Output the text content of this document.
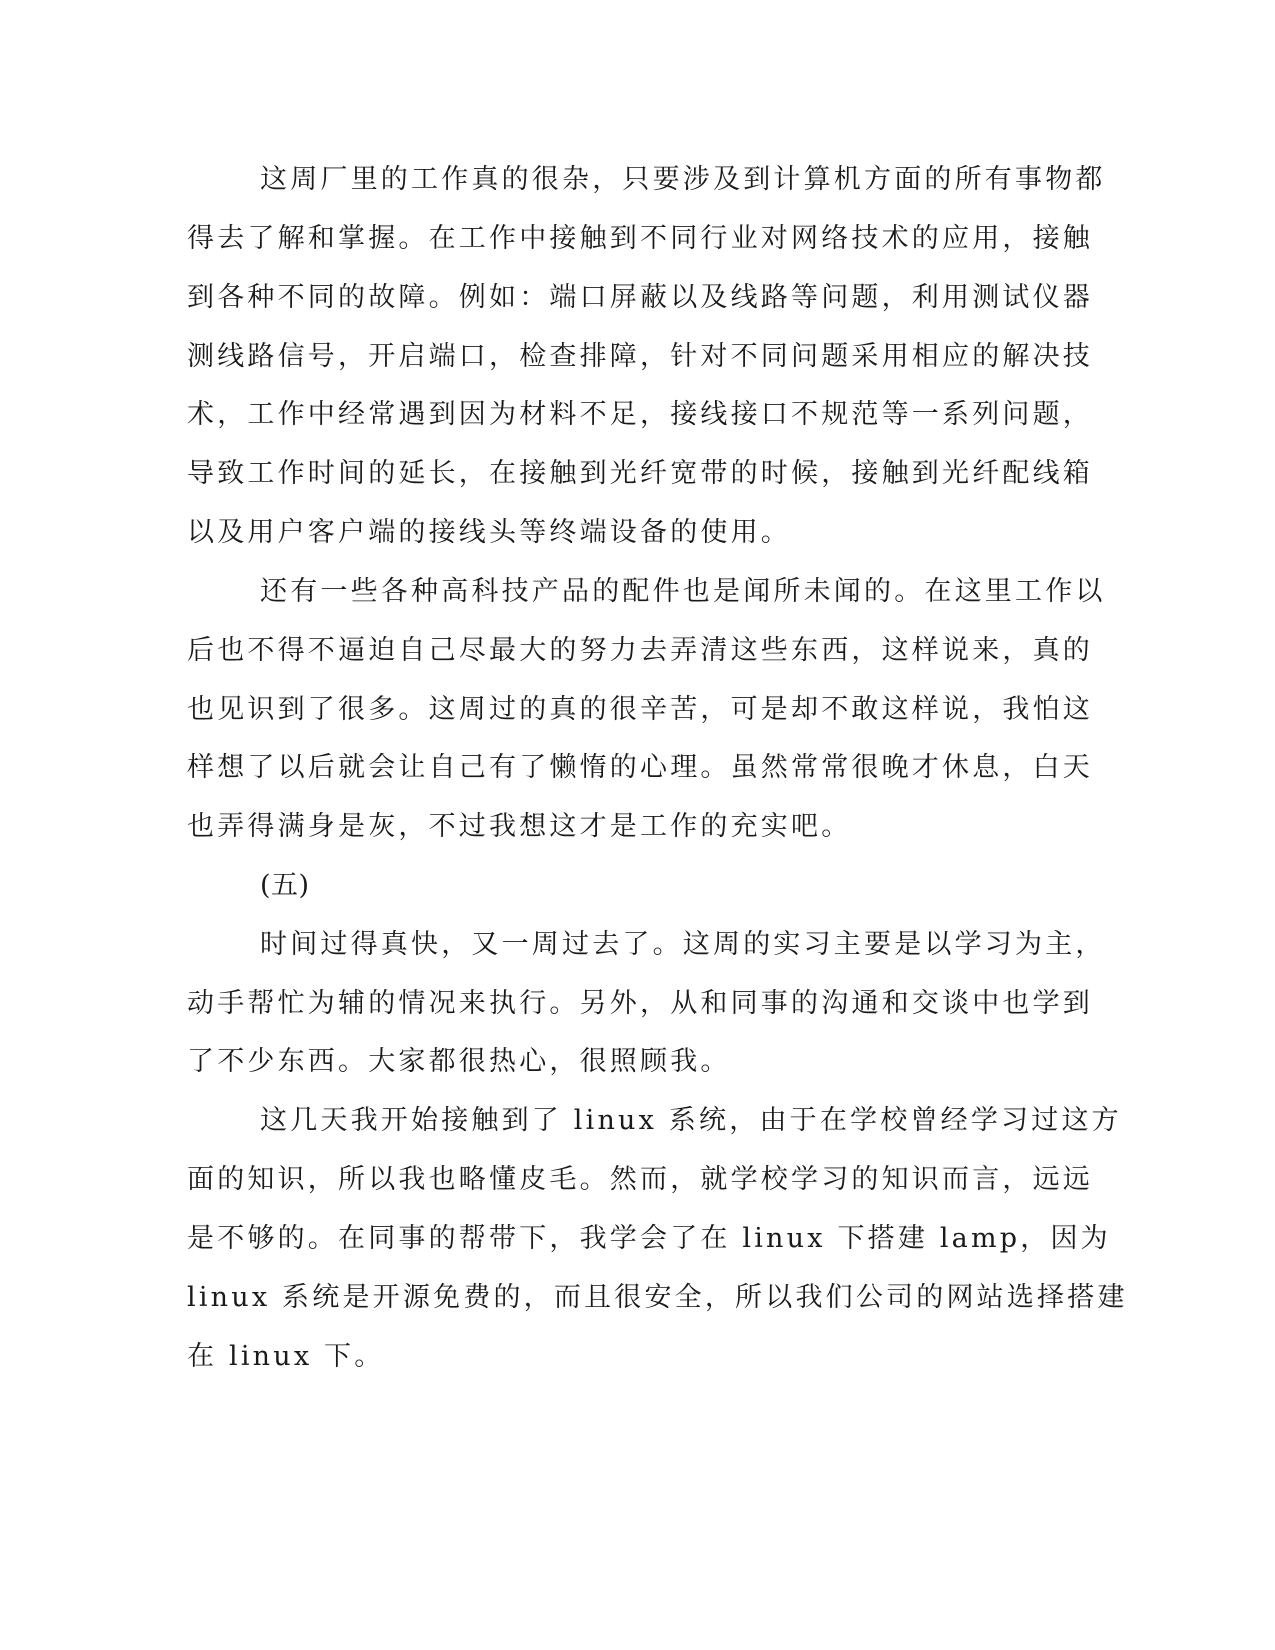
这周厂里的工作真的很杂，只要涉及到计算机方面的所有事物都
得去了解和掌握。在工作中接触到不同行业对网络技术的应用，接触
到各种不同的故障。例如：端口屏蔽以及线路等问题，利用测试仪器
测线路信号，开启端口，检查排障，针对不同问题采用相应的解决技
术，工作中经常遇到因为材料不足，接线接口不规范等一系列问题，
导致工作时间的延长，在接触到光纤宽带的时候，接触到光纤配线箱
以及用户客户端的接线头等终端设备的使用。
还有一些各种高科技产品的配件也是闻所未闻的。在这里工作以
后也不得不逼迫自己尽最大的努力去弄清这些东西，这样说来，真的
也见识到了很多。这周过的真的很辛苦，可是却不敢这样说，我怕这
样想了以后就会让自己有了懒惰的心理。虽然常常很晚才休息，白天
也弄得满身是灰，不过我想这才是工作的充实吧。
(五)
时间过得真快，又一周过去了。这周的实习主要是以学习为主，
动手帮忙为辅的情况来执行。另外，从和同事的沟通和交谈中也学到
了不少东西。大家都很热心，很照顾我。
这几天我开始接触到了 linux 系统，由于在学校曾经学习过这方
面的知识，所以我也略懂皮毛。然而，就学校学习的知识而言，远远
是不够的。在同事的帮带下，我学会了在 linux 下搭建 lamp，因为
linux 系统是开源免费的，而且很安全，所以我们公司的网站选择搭建
在 linux 下。
